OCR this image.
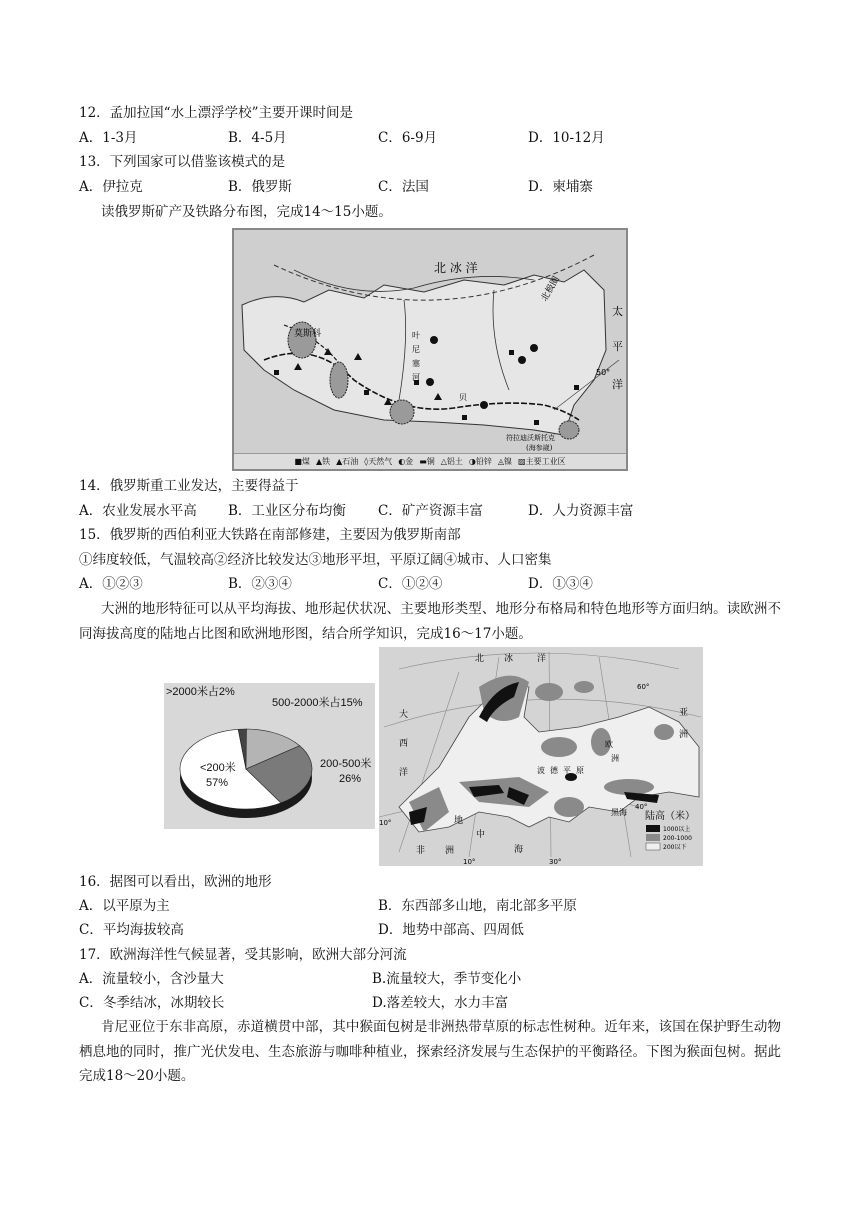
12．孟加拉国“水上漂浮学校”主要开课时间是
A．1-3月	B．4-5月	C．6-9月	D．10-12月
13．下列国家可以借鉴该模式的是
A．伊拉克	B．俄罗斯	C．法国	D．柬埔寨
读俄罗斯矿产及铁路分布图，完成14～15小题。
北 冰 洋
北极圈
太
平
洋
莫斯科
50°
叶
尼
塞
河
贝
符拉迪沃斯托克
(海参崴)
■煤 ▲铁 ▲石油 ◊天然气 ◐金 ▬铜 △铝土 ◑铅锌 ◬镍 ▨主要工业区
14．俄罗斯重工业发达，主要得益于
A．农业发展水平高 B．工业区分布均衡 C．矿产资源丰富	D．人力资源丰富
15．俄罗斯的西伯利亚大铁路在南部修建，主要因为俄罗斯南部
①纬度较低，气温较高②经济比较发达③地形平坦，平原辽阔④城市、人口密集
A．①②③	B．②③④	C．①②④	D．①③④
大洲的地形特征可以从平均海拔、地形起伏状况、主要地形类型、地形分布格局和特色地形等方面归纳。读欧洲不同海拔高度的陆地占比图和欧洲地形图，结合所学知识，完成16～17小题。
>2000米占2%
500-2000米占15%
200-500米
26%
<200米
57%
北 冰	洋
大
西
洋
亚
洲
欧
洲
波 德 平 原
黑海
地
中
海
非 洲
60°
40°
10°
10°	30°
陆高（米）
1000以上
200-1000
200以下
16．据图可以看出，欧洲的地形
A．以平原为主	B．东西部多山地，南北部多平原
C．平均海拔较高	D．地势中部高、四周低
17．欧洲海洋性气候显著，受其影响，欧洲大部分河流
A．流量较小，含沙量大	B.流量较大，季节变化小
C．冬季结冰，冰期较长	D.落差较大，水力丰富
肯尼亚位于东非高原，赤道横贯中部，其中猴面包树是非洲热带草原的标志性树种。近年来，该国在保护野生动物栖息地的同时，推广光伏发电、生态旅游与咖啡种植业，探索经济发展与生态保护的平衡路径。下图为猴面包树。据此完成18～20小题。
